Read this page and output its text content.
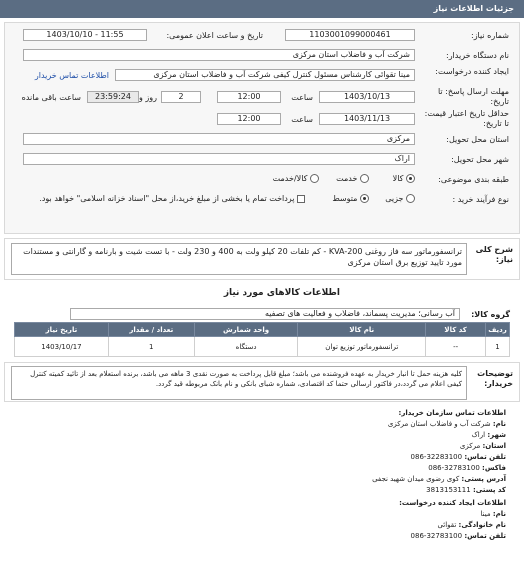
جزئیات اطلاعات نیاز
شماره نیاز:
1103001099000461
تاریخ و ساعت اعلان عمومی:
1403/10/10 - 11:55
نام دستگاه خریدار:
شرکت آب و فاضلاب استان مرکزی
ایجاد کننده درخواست:
مینا تقوائی کارشناس مسئول کنترل کیفی شرکت آب و فاضلاب استان مرکزی
اطلاعات تماس خریدار
مهلت ارسال پاسخ: تا تاریخ:
1403/10/13
ساعت
12:00
2
روز و
23:59:24
ساعت باقی مانده
حداقل تاریخ اعتبار قیمت: تا تاریخ:
1403/11/13
ساعت
12:00
استان محل تحویل:
مرکزی
شهر محل تحویل:
اراک
طبقه بندی موضوعی:
کالا
خدمت
کالا/خدمت
نوع فرآیند خرید :
جزیی
متوسط
پرداخت تمام یا بخشی از مبلغ خرید،از محل "اسناد خزانه اسلامی" خواهد بود.
شرح کلی نیاز:
ترانسفورماتور سه فاز روغنی KVA-200 - کم تلفات 20 کیلو ولت به 400 و 230 ولت - با تست شیت و بارنامه و گارانتی و مستندات مورد تایید توزیع برق استان مرکزی
اطلاعات کالاهای مورد نیاز
گروه کالا:
آب رسانی؛ مدیریت پسماند، فاضلاب و فعالیت های تصفیه
ردیف	کد کالا	نام کالا	واحد شمارش	تعداد / مقدار	تاریخ نیاز
1	--	ترانسفورماتور توزیع توان	دستگاه	1	1403/10/17
توضیحات خریدار:
کلیه هزینه حمل تا انبار خریدار به عهده فروشنده می باشد؛ مبلغ قابل پرداخت به صورت نقدی 3 ماهه می باشد، برنده استعلام بعد از تائید کمیته کنترل کیفی اعلام می گردد،در فاکتور ارسالی حتما کد اقتصادی، شماره شبای بانکی و نام بانک مربوطه قید گردد.
اطلاعات تماس سازمان خریدار:
نام: شرکت آب و فاضلاب استان مرکزی
شهر: اراک
استان: مرکزی
تلفن تماس: 32283100-086
فاکس: 32783100-086
آدرس پستی: کوی رضوی میدان شهید نجفی
کد پستی: 3813153111
اطلاعات ایجاد کننده درخواست:
نام: مینا
نام خانوادگی: تقوائی
تلفن تماس: 32783100-086
